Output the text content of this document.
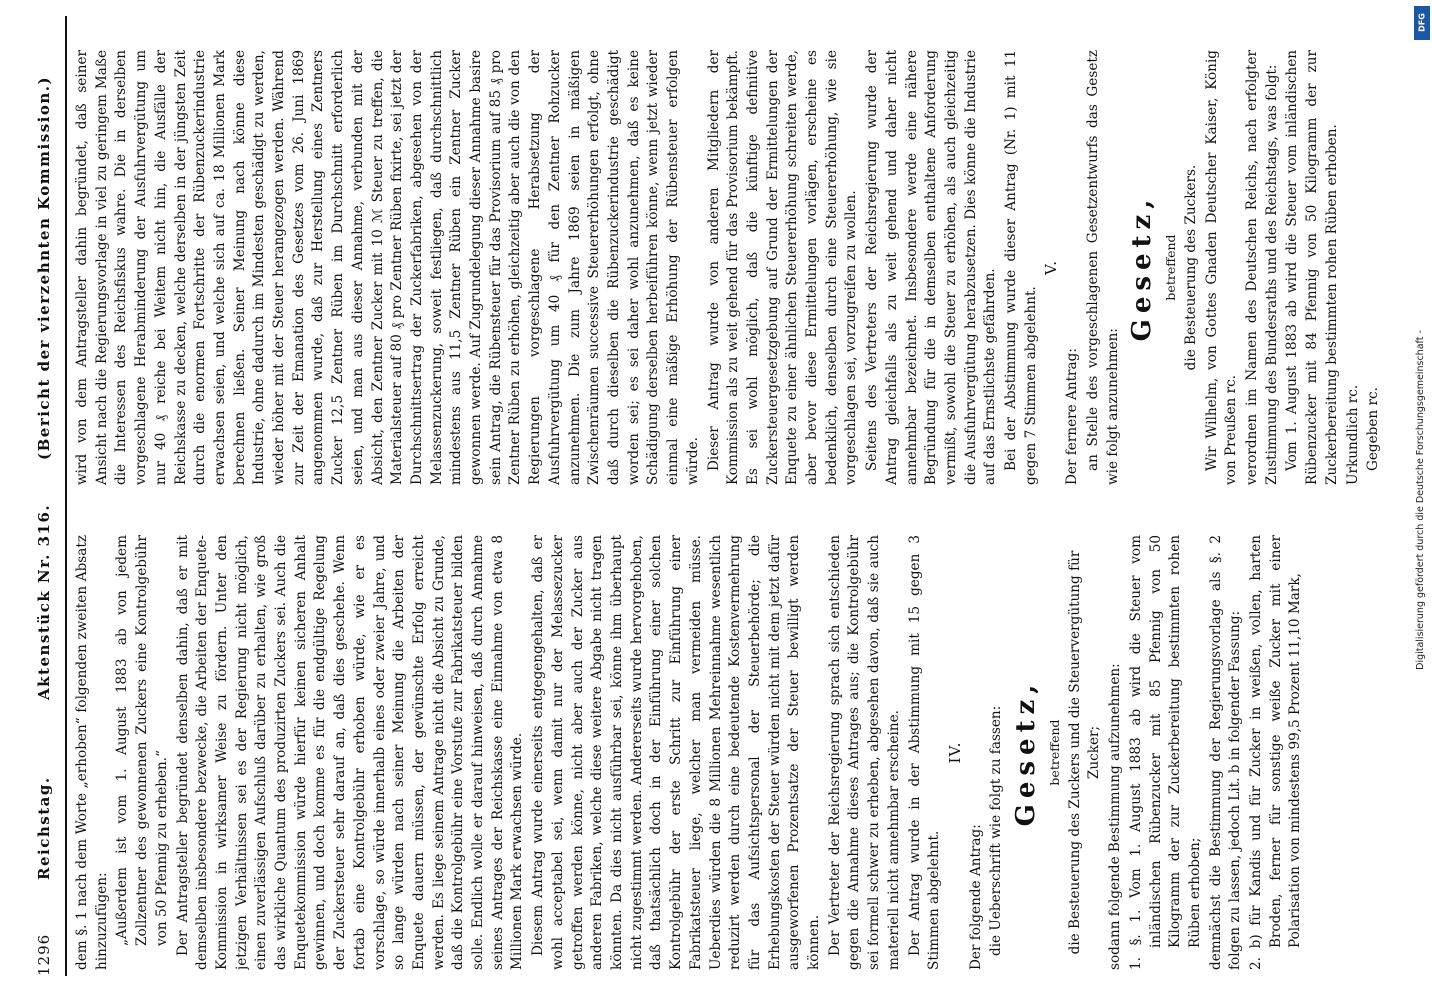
1296
Reichstag.
Aktenstück Nr. 316.
(Bericht der vierzehnten Kommission.)

dem §. 1 nach dem Worte „erhoben“ folgenden zweiten Absatz hinzuzufügen: „Außerdem ist vom 1. August 1883 ab von jedem Zollzentner des gewonnenen Zuckers eine Kontrolgebühr von 50 Pfennig zu erheben.“ Der Antragsteller begründet denselben dahin, daß er mit demselben insbesondere bezwecke, die Arbeiten der Enquete-Kommission in wirksamer Weise zu fördern. Unter den jetzigen Verhältnissen sei es der Regierung nicht möglich, einen zuverlässigen Aufschluß darüber zu erhalten, wie groß das wirkliche Quantum des produzirten Zuckers sei. Auch die Enquetekommission würde hierfür keinen sicheren Anhalt gewinnen, und doch komme es für die endgültige Regelung der Zuckersteuer sehr darauf an, daß dies geschehe. Wenn fortab eine Kontrolgebühr erhoben würde, wie er es vorschlage, so würde innerhalb eines oder zweier Jahre, und so lange würden nach seiner Meinung die Arbeiten der Enquete dauern müssen, der gewünschte Erfolg erreicht werden. Es liege seinem Antrage nicht die Absicht zu Grunde, daß die Kontrolgebühr eine Vorstufe zur Fabrikatsteuer bilden solle. Endlich wolle er darauf hinweisen, daß durch Annahme seines Antrages der Reichskasse eine Einnahme von etwa 8 Millionen Mark erwachsen würde. Diesem Antrag wurde einerseits entgegengehalten, daß er wohl acceptabel sei, wenn damit nur der Melassezucker getroffen werden könne, nicht aber auch der Zucker aus anderen Fabriken, welche diese weitere Abgabe nicht tragen könnten. Da dies nicht ausführbar sei, könne ihm überhaupt nicht zugestimmt werden. Andererseits wurde hervorgehoben, daß thatsächlich doch in der Einführung einer solchen Kontrolgebühr der erste Schritt zur Einführung einer Fabrikatsteuer liege, welcher man vermeiden müsse. Ueberdies würden die 8 Millionen Mehreinnahme wesentlich reduzirt werden durch eine bedeutende Kostenvermehrung für das Aufsichtspersonal der Steuerbehörde; die Erhebungskosten der Steuer würden nicht mit dem jetzt dafür ausgeworfenen Prozentsatze der Steuer bewilligt werden können. Der Vertreter der Reichsregierung sprach sich entschieden gegen die Annahme dieses Antrages aus; die Kontrolgebühr sei formell schwer zu erheben, abgesehen davon, daß sie auch materiell nicht annehmbar erscheine. Der Antrag wurde in der Abstimmung mit 15 gegen 3 Stimmen abgelehnt.

IV.

Der folgende Antrag: die Ueberschrift wie folgt zu fassen: Gesetz, betreffend die Besteuerung des Zuckers und die Steuervergütung für Zucker; sodann folgende Bestimmung aufzunehmen: 1. §. 1. Vom 1. August 1883 ab wird die Steuer vom inländischen Rübenzucker mit 85 Pfennig von 50 Kilogramm der zur Zuckerbereitung bestimmten rohen Rüben erhoben; demnächst die Bestimmung der Regierungsvorlage als §. 2 folgen zu lassen, jedoch Lit. b in folgender Fassung: 2. b) für Kandis und für Zucker in weißen, vollen, harten Broden, ferner für sonstige weiße Zucker mit einer Polarisation von mindestens 99,5 Prozent 11,10 Mark,

wird von dem Antragsteller dahin begründet, daß seiner Ansicht nach die Regierungsvorlage in viel zu geringem Maße die Interessen des Reichsfiskus wahre. Die in derselben vorgeschlagene Herabminderung der Ausfuhrvergütung um nur 40 ₰ reiche bei Weitem nicht hin, die Ausfälle der Reichskasse zu decken, welche derselben in der jüngsten Zeit durch die enormen Fortschritte der Rübenzuckerindustrie erwachsen seien, und welche sich auf ca. 18 Millionen Mark berechnen ließen. Seiner Meinung nach könne diese Industrie, ohne dadurch im Mindesten geschädigt zu werden, wieder höher mit der Steuer herangezogen werden. Während zur Zeit der Emanation des Gesetzes vom 26. Juni 1869 angenommen wurde, daß zur Herstellung eines Zentners Zucker 12,5 Zentner Rüben im Durchschnitt erforderlich seien, und man aus dieser Annahme, verbunden mit der Absicht, den Zentner Zucker mit 10 ℳ Steuer zu treffen, die Materialsteuer auf 80 ₰ pro Zentner Rüben fixirte, sei jetzt der Durchschnittsertrag der Zuckerfabriken, abgesehen von der Melassenzuckerung, soweit festliegen, daß durchschnittlich mindestens aus 11,5 Zentner Rüben ein Zentner Zucker gewonnen werde. Auf Zugrundelegung dieser Annahme basire sein Antrag, die Rübensteuer für das Provisorium auf 85 ₰ pro Zentner Rüben zu erhöhen, gleichzeitig aber auch die von den Regierungen vorgeschlagene Herabsetzung der Ausfuhrvergütung um 40 ₰ für den Zentner Rohzucker anzunehmen. Die zum Jahre 1869 seien in mäßigen Zwischenräumen successive Steuererhöhungen erfolgt, ohne daß durch dieselben die Rübenzuckerindustrie geschädigt worden sei; es sei daher wohl anzunehmen, daß es keine Schädigung derselben herbeiführen könne, wenn jetzt wieder einmal eine mäßige Erhöhung der Rübensteuer erfolgen würde. Dieser Antrag wurde von anderen Mitgliedern der Kommission als zu weit gehend für das Provisorium bekämpft. Es sei wohl möglich, daß die künftige definitive Zuckersteuergesetzgebung auf Grund der Ermittelungen der Enquete zu einer ähnlichen Steuererhöhung schreiten werde, aber bevor diese Ermittelungen vorlägen, erscheine es bedenklich, denselben durch eine Steuererhöhung, wie sie vorgeschlagen sei, vorzugreifen zu wollen. Seitens des Vertreters der Reichsregierung wurde der Antrag gleichfalls als zu weit gehend und daher nicht annehmbar bezeichnet. Insbesondere werde eine nähere Begründung für die in demselben enthaltene Anforderung vermißt, sowohl die Steuer zu erhöhen, als auch gleichzeitig die Ausfuhrvergütung herabzusetzen. Dies könne die Industrie auf das Ernstlichste gefährden. Bei der Abstimmung wurde dieser Antrag (Nr. 1) mit 11 gegen 7 Stimmen abgelehnt.

V.

Der fernere Antrag: an Stelle des vorgeschlagenen Gesetzentwurfs das Gesetz wie folgt anzunehmen:

Gesetz, betreffend die Besteuerung des Zuckers. Wir Wilhelm, von Gottes Gnaden Deutscher Kaiser, König von Preußen rc. verordnen im Namen des Deutschen Reichs, nach erfolgter Zustimmung des Bundesraths und des Reichstags, was folgt: Vom 1. August 1883 ab wird die Steuer vom inländischen Rübenzucker mit 84 Pfennig von 50 Kilogramm der zur Zuckerbereitung bestimmten rohen Rüben erhoben. Urkundlich rc. Gegeben rc.	Digitalisierung gefördert durch die Deutsche Forschungsgemeinschaft -
DFG
